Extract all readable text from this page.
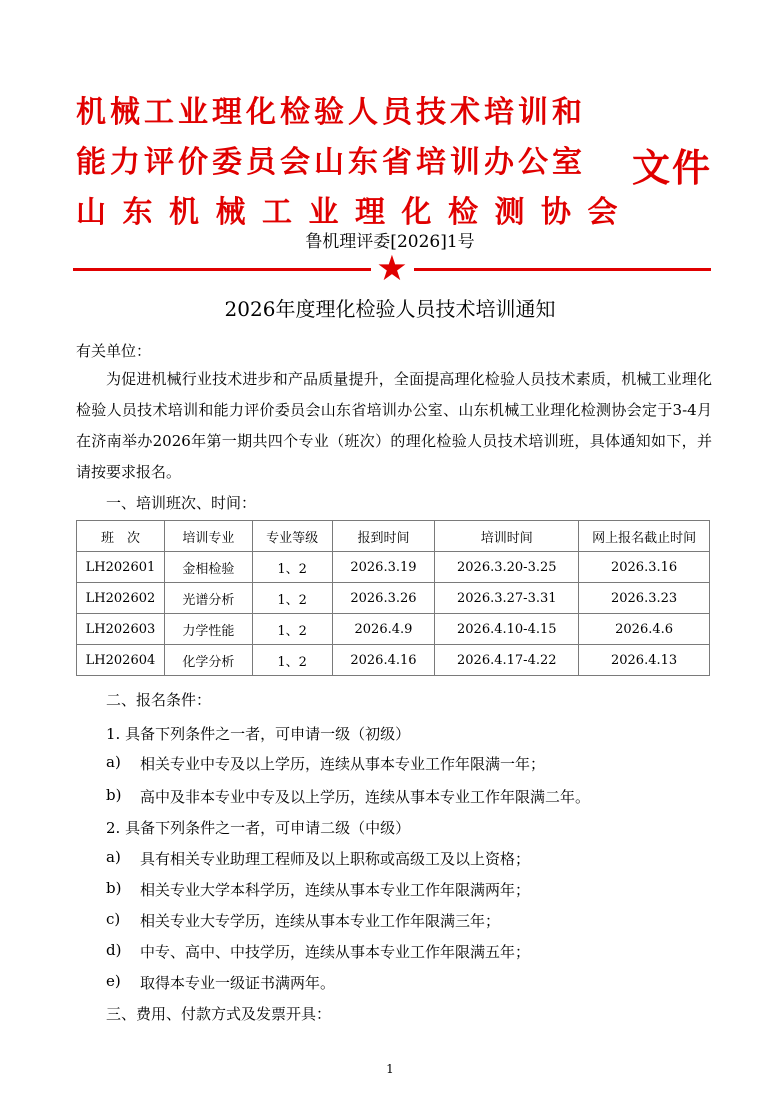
机械工业理化检验人员技术培训和
能力评价委员会山东省培训办公室
山东机械工业理化检测协会
文件
鲁机理评委[2026]1号
★
2026年度理化检验人员技术培训通知
有关单位：
为促进机械行业技术进步和产品质量提升，全面提高理化检验人员技术素质，机械工业理化检验人员技术培训和能力评价委员会山东省培训办公室、山东机械工业理化检测协会定于3-4月在济南举办2026年第一期共四个专业（班次）的理化检验人员技术培训班，具体通知如下，并请按要求报名。
一、培训班次、时间：
班　次	培训专业	专业等级	报到时间	培训时间	网上报名截止时间
LH202601	金相检验	1、2	2026.3.19	2026.3.20-3.25	2026.3.16
LH202602	光谱分析	1、2	2026.3.26	2026.3.27-3.31	2026.3.23
LH202603	力学性能	1、2	2026.4.9	2026.4.10-4.15	2026.4.6
LH202604	化学分析	1、2	2026.4.16	2026.4.17-4.22	2026.4.13
二、报名条件：
1. 具备下列条件之一者，可申请一级（初级）
a) 相关专业中专及以上学历，连续从事本专业工作年限满一年；
b) 高中及非本专业中专及以上学历，连续从事本专业工作年限满二年。
2. 具备下列条件之一者，可申请二级（中级）
a) 具有相关专业助理工程师及以上职称或高级工及以上资格；
b) 相关专业大学本科学历，连续从事本专业工作年限满两年；
c) 相关专业大专学历，连续从事本专业工作年限满三年；
d) 中专、高中、中技学历，连续从事本专业工作年限满五年；
e) 取得本专业一级证书满两年。
三、费用、付款方式及发票开具：
1
